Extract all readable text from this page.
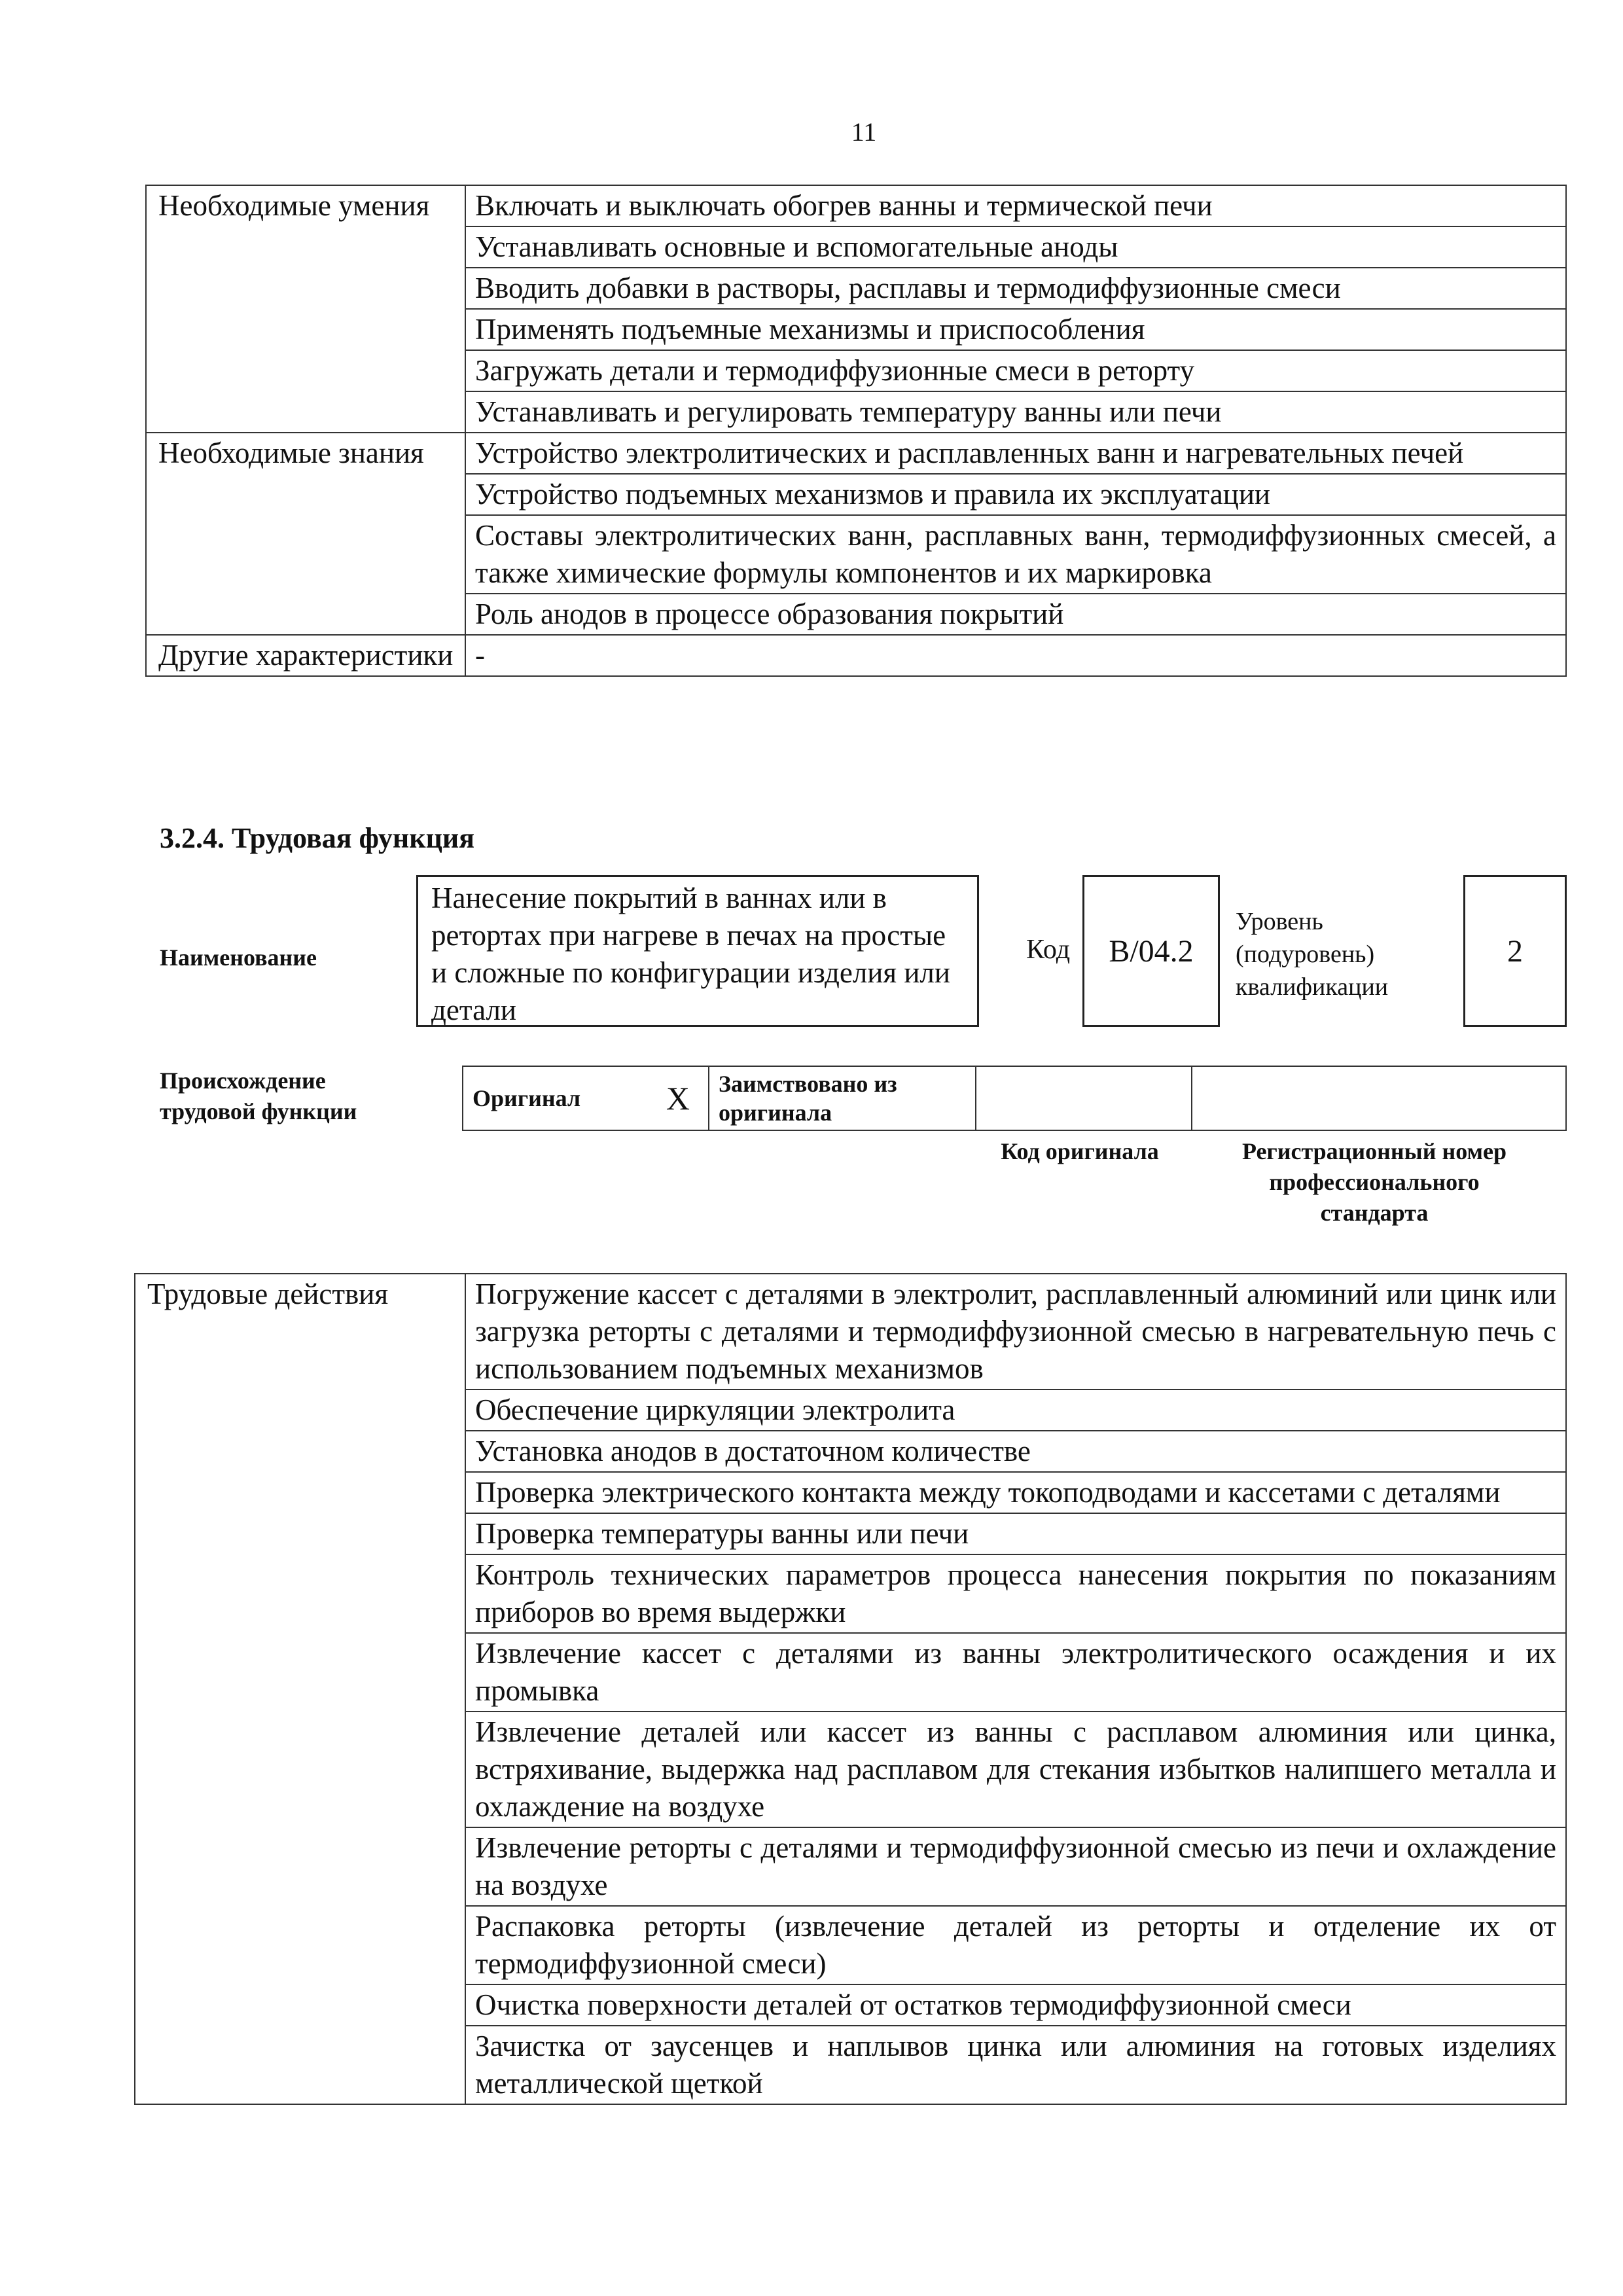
11
Необходимые умения	Включать и выключать обогрев ванны и термической печи
	Устанавливать основные и вспомогательные аноды
	Вводить добавки в растворы, расплавы и термодиффузионные смеси
	Применять подъемные механизмы и приспособления
	Загружать детали и термодиффузионные смеси в реторту
	Устанавливать и регулировать температуру ванны или печи
Необходимые знания	Устройство электролитических и расплавленных ванн и нагревательных печей
	Устройство подъемных механизмов и правила их эксплуатации
	Составы электролитических ванн, расплавных ванн, термодиффузионных смесей, а также химические формулы компонентов и их маркировка
	Роль анодов в процессе образования покрытий
Другие характеристики	-
3.2.4. Трудовая функция
Наименование
Нанесение покрытий в ваннах или в ретортах при нагреве в печах на простые и сложные по конфигурации изделия или детали
Код	B/04.2
Уровень (подуровень) квалификации
2
Происхождение трудовой функции	Оригинал	X	Заимствовано из оригинала		
Код оригинала	Регистрационный номер профессионального стандарта
Трудовые действия	Погружение кассет с деталями в электролит, расплавленный алюминий или цинк или загрузка реторты с деталями и термодиффузионной смесью в нагревательную печь с использованием подъемных механизмов
Обеспечение циркуляции электролита
Установка анодов в достаточном количестве
Проверка электрического контакта между токоподводами и кассетами с деталями
Проверка температуры ванны или печи
Контроль технических параметров процесса нанесения покрытия по показаниям приборов во время выдержки
Извлечение кассет с деталями из ванны электролитического осаждения и их промывка
Извлечение деталей или кассет из ванны с расплавом алюминия или цинка, встряхивание, выдержка над расплавом для стекания избытков налипшего металла и охлаждение на воздухе
Извлечение реторты с деталями и термодиффузионной смесью из печи и охлаждение на воздухе
Распаковка реторты (извлечение деталей из реторты и отделение их от термодиффузионной смеси)
Очистка поверхности деталей от остатков термодиффузионной смеси
Зачистка от заусенцев и наплывов цинка или алюминия на готовых изделиях металлической щеткой
